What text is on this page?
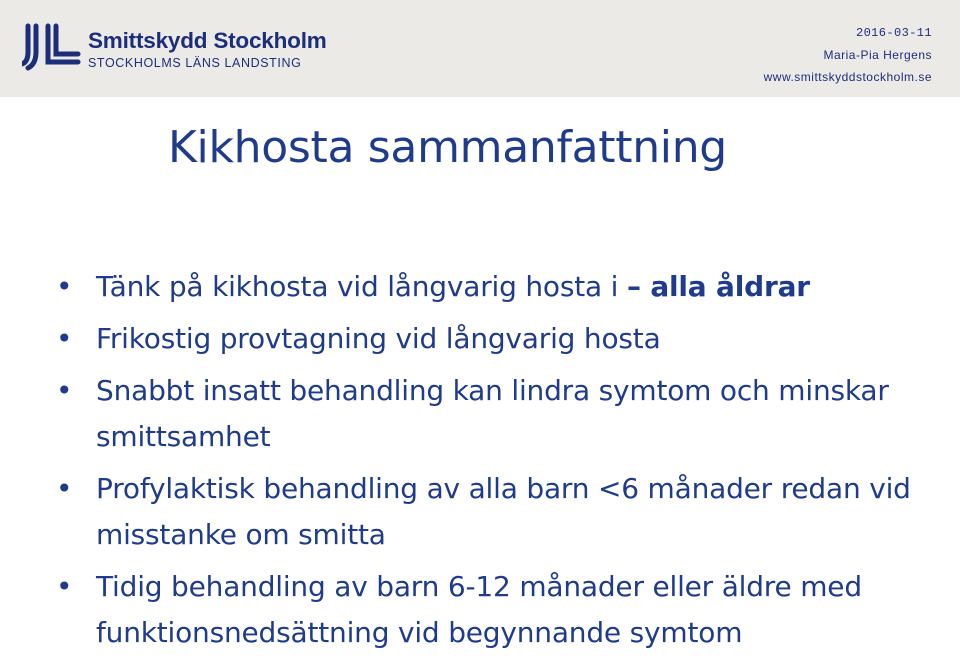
Smittskydd Stockholm
STOCKHOLMS LÄNS LANDSTING
2016-03-11
Maria-Pia Hergens
www.smittskyddstockholm.se
Kikhosta sammanfattning
• Tänk på kikhosta vid långvarig hosta i – alla åldrar
• Frikostig provtagning vid långvarig hosta
• Snabbt insatt behandling kan lindra symtom och minskar smittsamhet
• Profylaktisk behandling av alla barn <6 månader redan vid misstanke om smitta
• Tidig behandling av barn 6-12 månader eller äldre med funktionsnedsättning vid begynnande symtom
